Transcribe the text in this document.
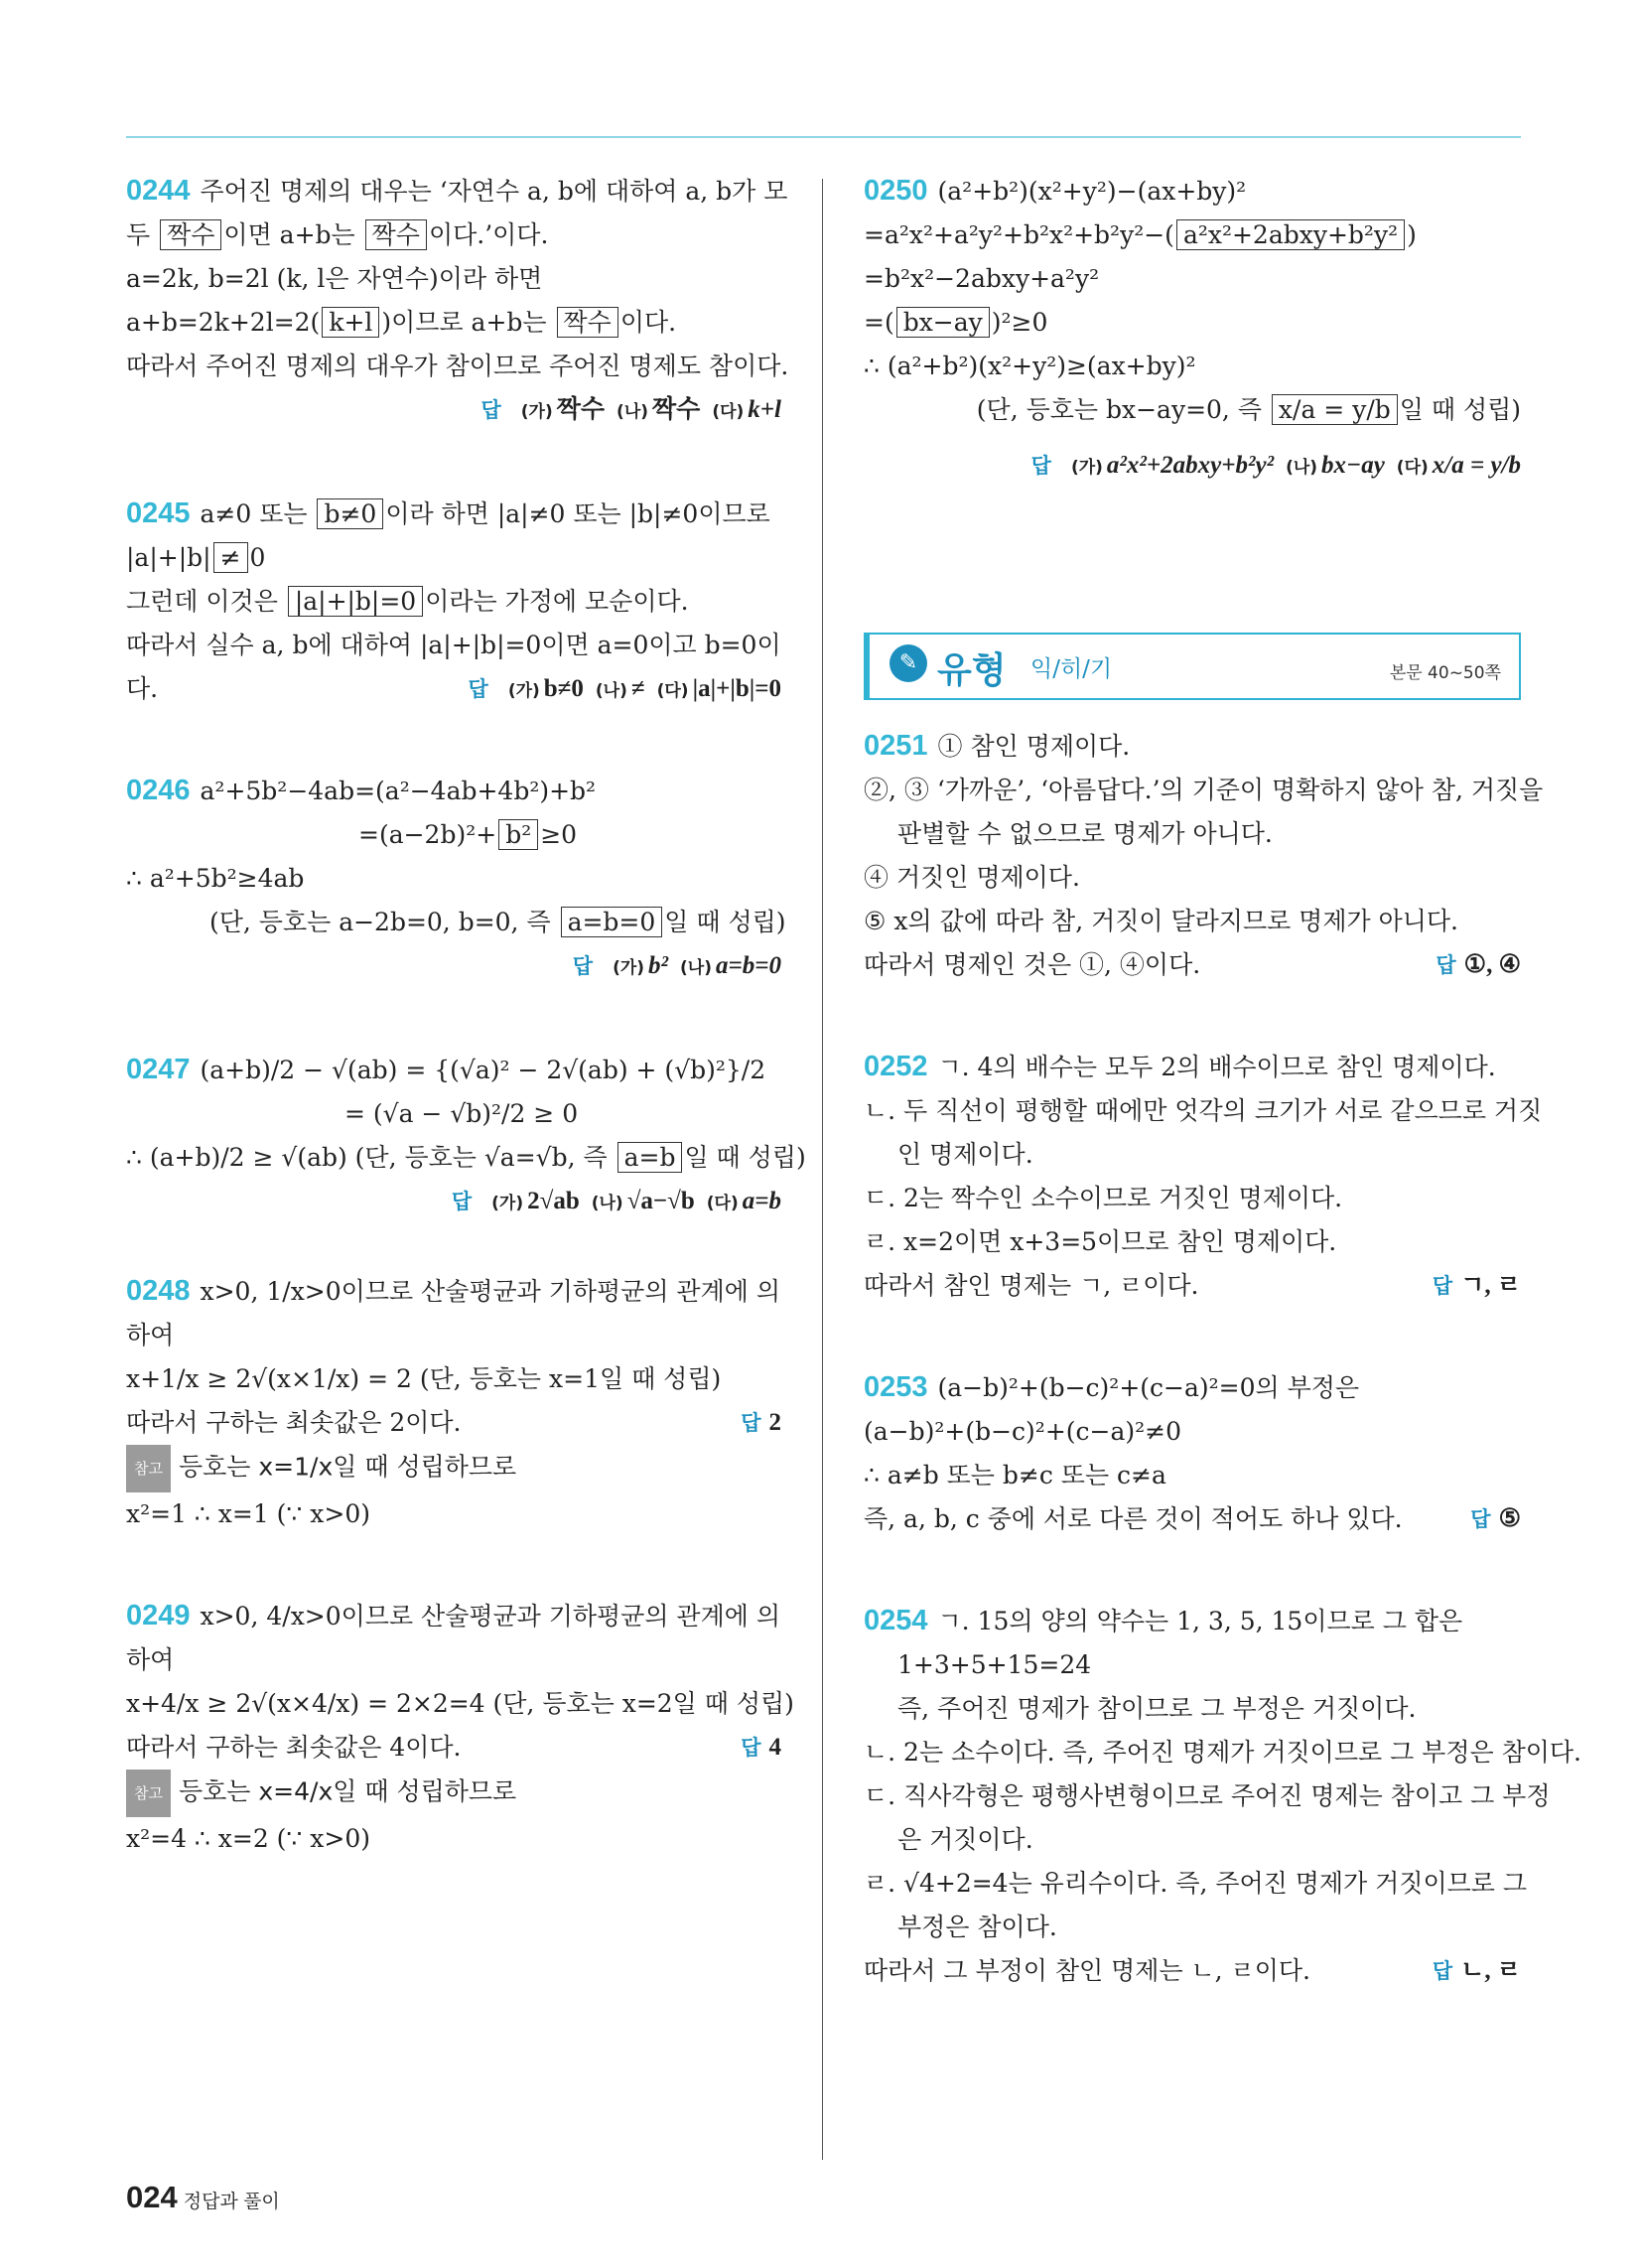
0244 주어진 명제의 대우는 ‘자연수 a, b에 대하여 a, b가 모
두 짝수 이면 a+b는 짝수 이다.’이다.
a=2k, b=2l (k, l은 자연수)이라 하면
a+b=2k+2l=2( k+l )이므로 a+b는 짝수 이다.
따라서 주어진 명제의 대우가 참이므로 주어진 명제도 참이다.
답 (가) 짝수 (나) 짝수 (다) k+l
0245 a≠0 또는 b≠0 이라 하면 |a|≠0 또는 |b|≠0이므로
|a|+|b| ≠ 0
그런데 이것은 |a|+|b|=0 이라는 가정에 모순이다.
따라서 실수 a, b에 대하여 |a|+|b|=0이면 a=0이고 b=0이
다.	답 (가) b≠0 (나) ≠ (다) |a|+|b|=0
0246 a²+5b²−4ab=(a²−4ab+4b²)+b²
=(a−2b)²+ b² ≥0
∴ a²+5b²≥4ab
(단, 등호는 a−2b=0, b=0, 즉 a=b=0 일 때 성립)
답 (가) b² (나) a=b=0
0247 (a+b)/2 − √(ab) = {(√a)² − 2√(ab) + (√b)²}/2
= (√a − √b)²/2 ≥ 0
∴ (a+b)/2 ≥ √(ab) (단, 등호는 √a=√b, 즉 a=b 일 때 성립)
답 (가) 2√ab (나) √a−√b (다) a=b
0248 x>0, 1/x>0이므로 산술평균과 기하평균의 관계에 의
하여
x+1/x ≥ 2√(x×1/x) = 2 (단, 등호는 x=1일 때 성립)
따라서 구하는 최솟값은 2이다.	답 2
참고 등호는 x=1/x일 때 성립하므로
x²=1 ∴ x=1 (∵ x>0)
0249 x>0, 4/x>0이므로 산술평균과 기하평균의 관계에 의
하여
x+4/x ≥ 2√(x×4/x) = 2×2=4 (단, 등호는 x=2일 때 성립)
따라서 구하는 최솟값은 4이다.	답 4
참고 등호는 x=4/x일 때 성립하므로
x²=4 ∴ x=2 (∵ x>0)
0250 (a²+b²)(x²+y²)−(ax+by)²
=a²x²+a²y²+b²x²+b²y²−( a²x²+2abxy+b²y² )
=b²x²−2abxy+a²y²
=( bx−ay )²≥0
∴ (a²+b²)(x²+y²)≥(ax+by)²
(단, 등호는 bx−ay=0, 즉 x/a = y/b 일 때 성립)
답 (가) a²x²+2abxy+b²y² (나) bx−ay (다) x/a = y/b
✎ 유형 익/히/기	본문 40~50쪽
0251 ① 참인 명제이다.
②, ③ ‘가까운’, ‘아름답다.’의 기준이 명확하지 않아 참, 거짓을
판별할 수 없으므로 명제가 아니다.
④ 거짓인 명제이다.
⑤ x의 값에 따라 참, 거짓이 달라지므로 명제가 아니다.
따라서 명제인 것은 ①, ④이다.	답 ①, ④
0252 ㄱ. 4의 배수는 모두 2의 배수이므로 참인 명제이다.
ㄴ. 두 직선이 평행할 때에만 엇각의 크기가 서로 같으므로 거짓
인 명제이다.
ㄷ. 2는 짝수인 소수이므로 거짓인 명제이다.
ㄹ. x=2이면 x+3=5이므로 참인 명제이다.
따라서 참인 명제는 ㄱ, ㄹ이다.	답 ㄱ, ㄹ
0253 (a−b)²+(b−c)²+(c−a)²=0의 부정은
(a−b)²+(b−c)²+(c−a)²≠0
∴ a≠b 또는 b≠c 또는 c≠a
즉, a, b, c 중에 서로 다른 것이 적어도 하나 있다.	답 ⑤
0254 ㄱ. 15의 양의 약수는 1, 3, 5, 15이므로 그 합은
1+3+5+15=24
즉, 주어진 명제가 참이므로 그 부정은 거짓이다.
ㄴ. 2는 소수이다. 즉, 주어진 명제가 거짓이므로 그 부정은 참이다.
ㄷ. 직사각형은 평행사변형이므로 주어진 명제는 참이고 그 부정
은 거짓이다.
ㄹ. √4+2=4는 유리수이다. 즉, 주어진 명제가 거짓이므로 그
부정은 참이다.
따라서 그 부정이 참인 명제는 ㄴ, ㄹ이다.	답 ㄴ, ㄹ
024 정답과 풀이
